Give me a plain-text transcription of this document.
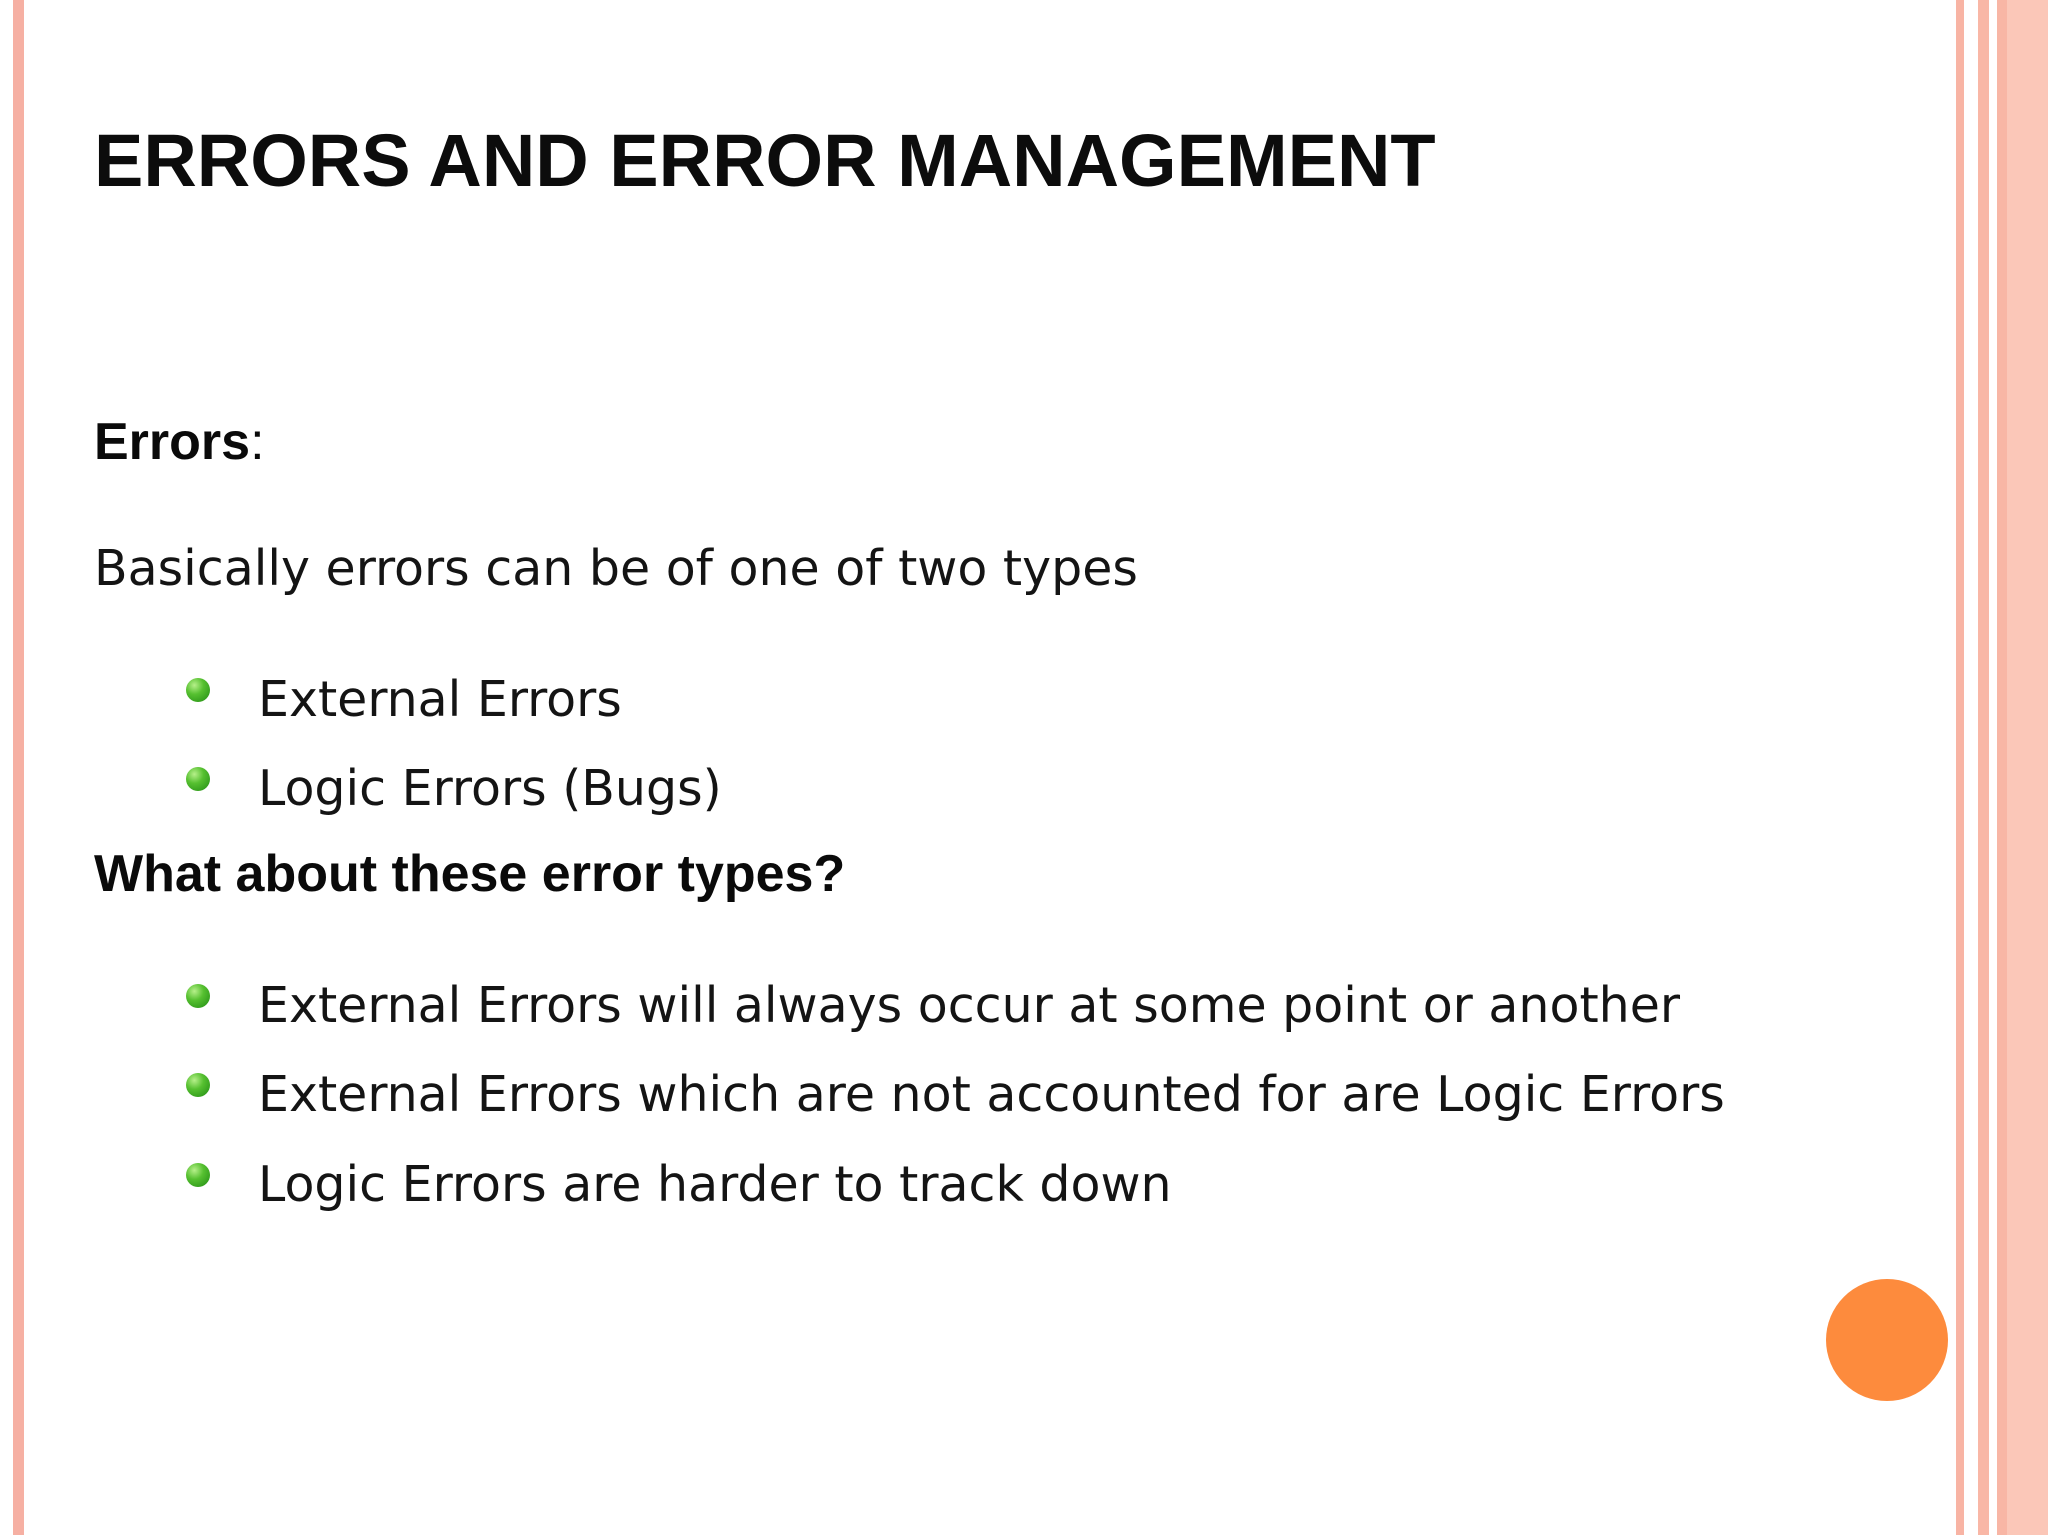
ERRORS AND ERROR MANAGEMENT
Errors:
Basically errors can be of one of two types
External Errors
Logic Errors (Bugs)
What about these error types?
External Errors will always occur at some point or another
External Errors which are not accounted for are Logic Errors
Logic Errors are harder to track down
